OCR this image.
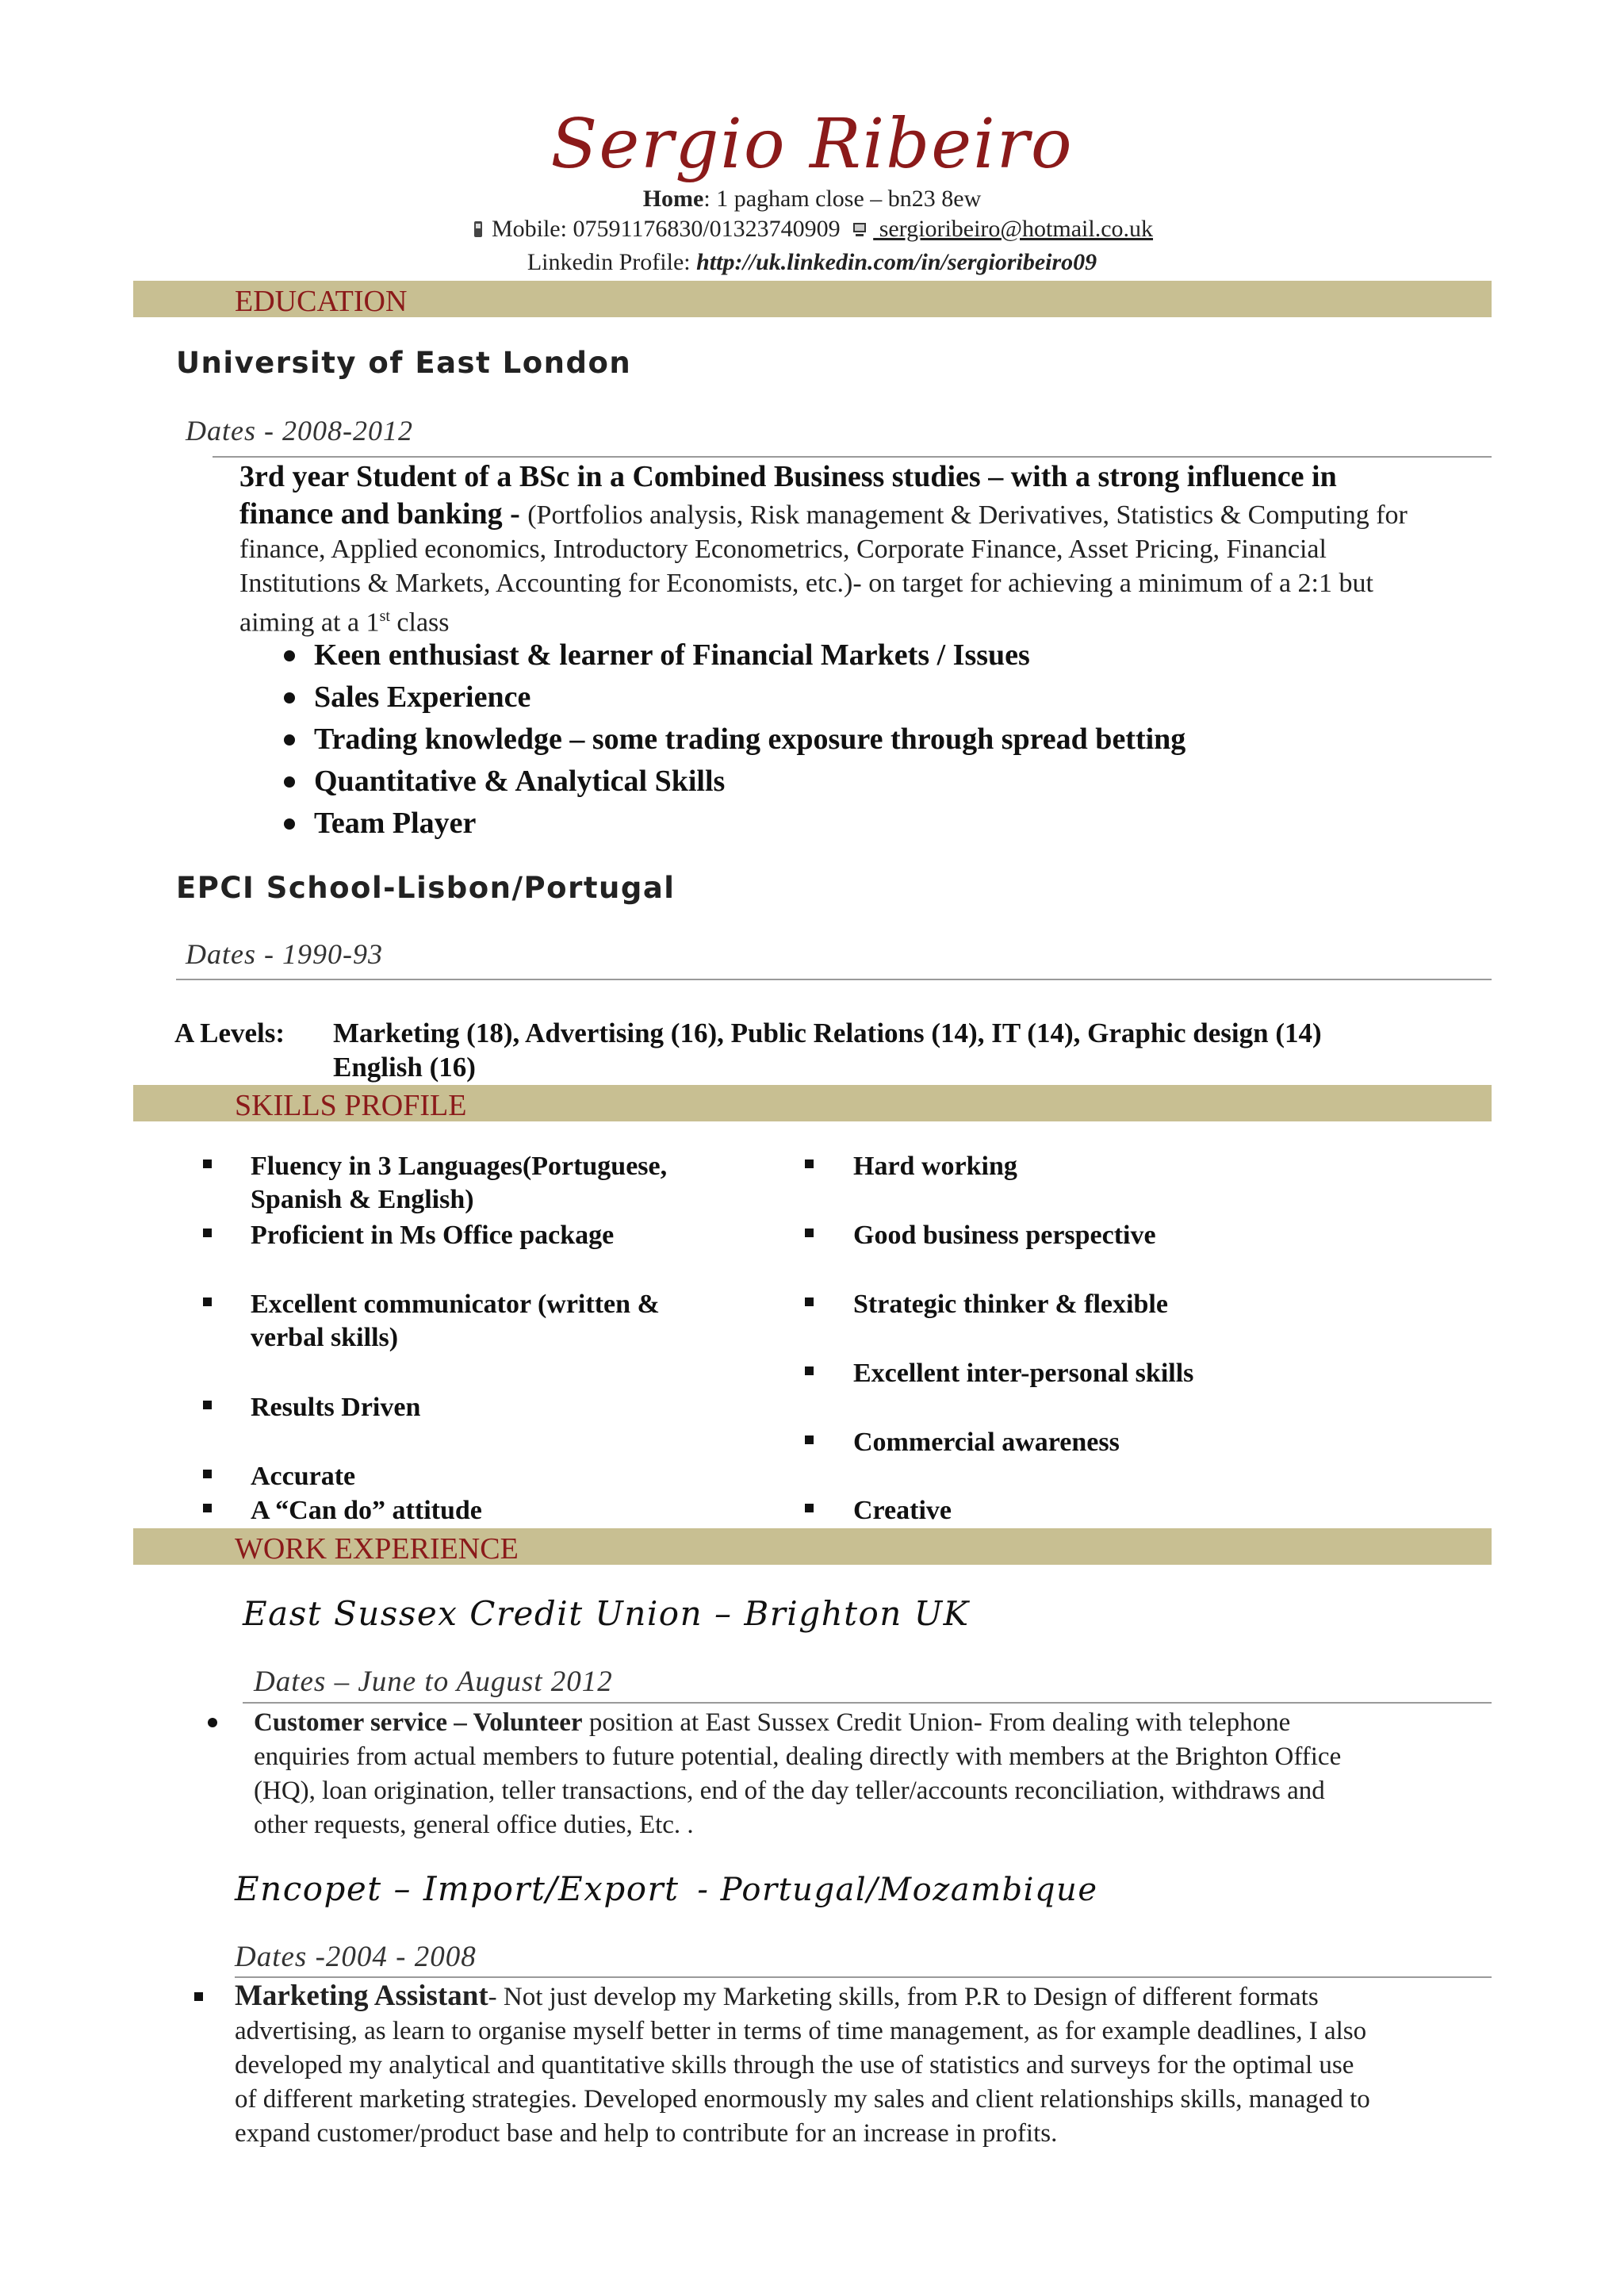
Sergio Ribeiro
Home: 1 pagham close – bn23 8ew
Mobile: 07591176830/01323740909  sergioribeiro@hotmail.co.uk
Linkedin Profile: http://uk.linkedin.com/in/sergioribeiro09
EDUCATION
University of East London
Dates - 2008-2012
3rd year Student of a BSc in a Combined Business studies – with a strong influence in
finance and banking - (Portfolios analysis, Risk management & Derivatives, Statistics & Computing for
finance, Applied economics, Introductory Econometrics, Corporate Finance, Asset Pricing, Financial
Institutions & Markets, Accounting for Economists, etc.)- on target for achieving a minimum of a 2:1 but
aiming at a 1st class
Keen enthusiast & learner of Financial Markets / Issues
Sales Experience
Trading knowledge – some trading exposure through spread betting
Quantitative & Analytical Skills
Team Player
EPCI School-Lisbon/Portugal
Dates - 1990-93
A Levels: Marketing (18), Advertising (16), Public Relations (14), IT (14), Graphic design (14)
English (16)
SKILLS PROFILE
Fluency in 3 Languages(Portuguese,
Spanish & English)
Proficient in Ms Office package
Excellent communicator (written &
verbal skills)
Results Driven
Accurate
A “Can do” attitude
Hard working
Good business perspective
Strategic thinker & flexible
Excellent inter-personal skills
Commercial awareness
Creative
WORK EXPERIENCE
East Sussex Credit Union – Brighton UK
Dates – June to August 2012
Customer service – Volunteer position at East Sussex Credit Union- From dealing with telephone
enquiries from actual members to future potential, dealing directly with members at the Brighton Office
(HQ), loan origination, teller transactions, end of the day teller/accounts reconciliation, withdraws and
other requests, general office duties, Etc. .
Encopet – Import/Export - Portugal/Mozambique
Dates -2004 - 2008
Marketing Assistant- Not just develop my Marketing skills, from P.R to Design of different formats
advertising, as learn to organise myself better in terms of time management, as for example deadlines, I also
developed my analytical and quantitative skills through the use of statistics and surveys for the optimal use
of different marketing strategies. Developed enormously my sales and client relationships skills, managed to
expand customer/product base and help to contribute for an increase in profits.
